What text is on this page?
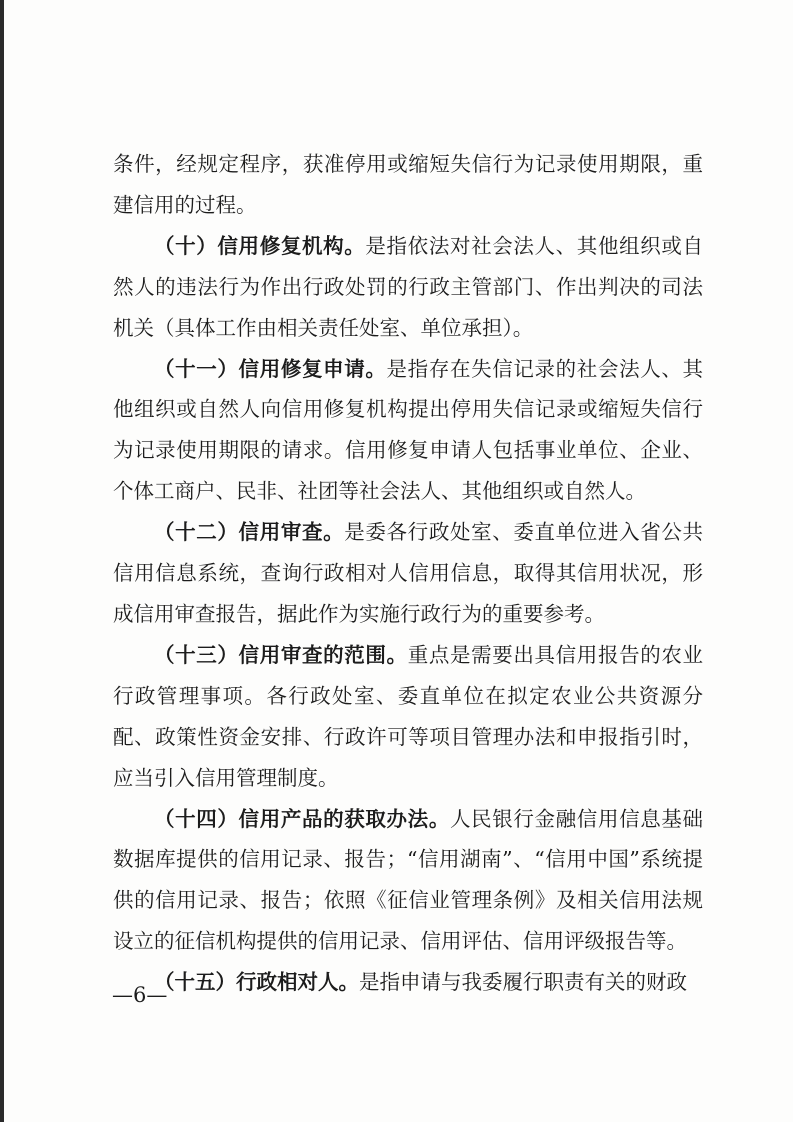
条件，经规定程序，获准停用或缩短失信行为记录使用期限，重建信用的过程。

（十）信用修复机构。是指依法对社会法人、其他组织或自然人的违法行为作出行政处罚的行政主管部门、作出判决的司法机关（具体工作由相关责任处室、单位承担）。

（十一）信用修复申请。是指存在失信记录的社会法人、其他组织或自然人向信用修复机构提出停用失信记录或缩短失信行为记录使用期限的请求。信用修复申请人包括事业单位、企业、个体工商户、民非、社团等社会法人、其他组织或自然人。

（十二）信用审查。是委各行政处室、委直单位进入省公共信用信息系统，查询行政相对人信用信息，取得其信用状况，形成信用审查报告，据此作为实施行政行为的重要参考。

（十三）信用审查的范围。重点是需要出具信用报告的农业行政管理事项。各行政处室、委直单位在拟定农业公共资源分配、政策性资金安排、行政许可等项目管理办法和申报指引时，应当引入信用管理制度。

（十四）信用产品的获取办法。人民银行金融信用信息基础数据库提供的信用记录、报告；“信用湖南”、“信用中国”系统提供的信用记录、报告；依照《征信业管理条例》及相关信用法规设立的征信机构提供的信用记录、信用评估、信用评级报告等。

（十五）行政相对人。是指申请与我委履行职责有关的财政

—6—
